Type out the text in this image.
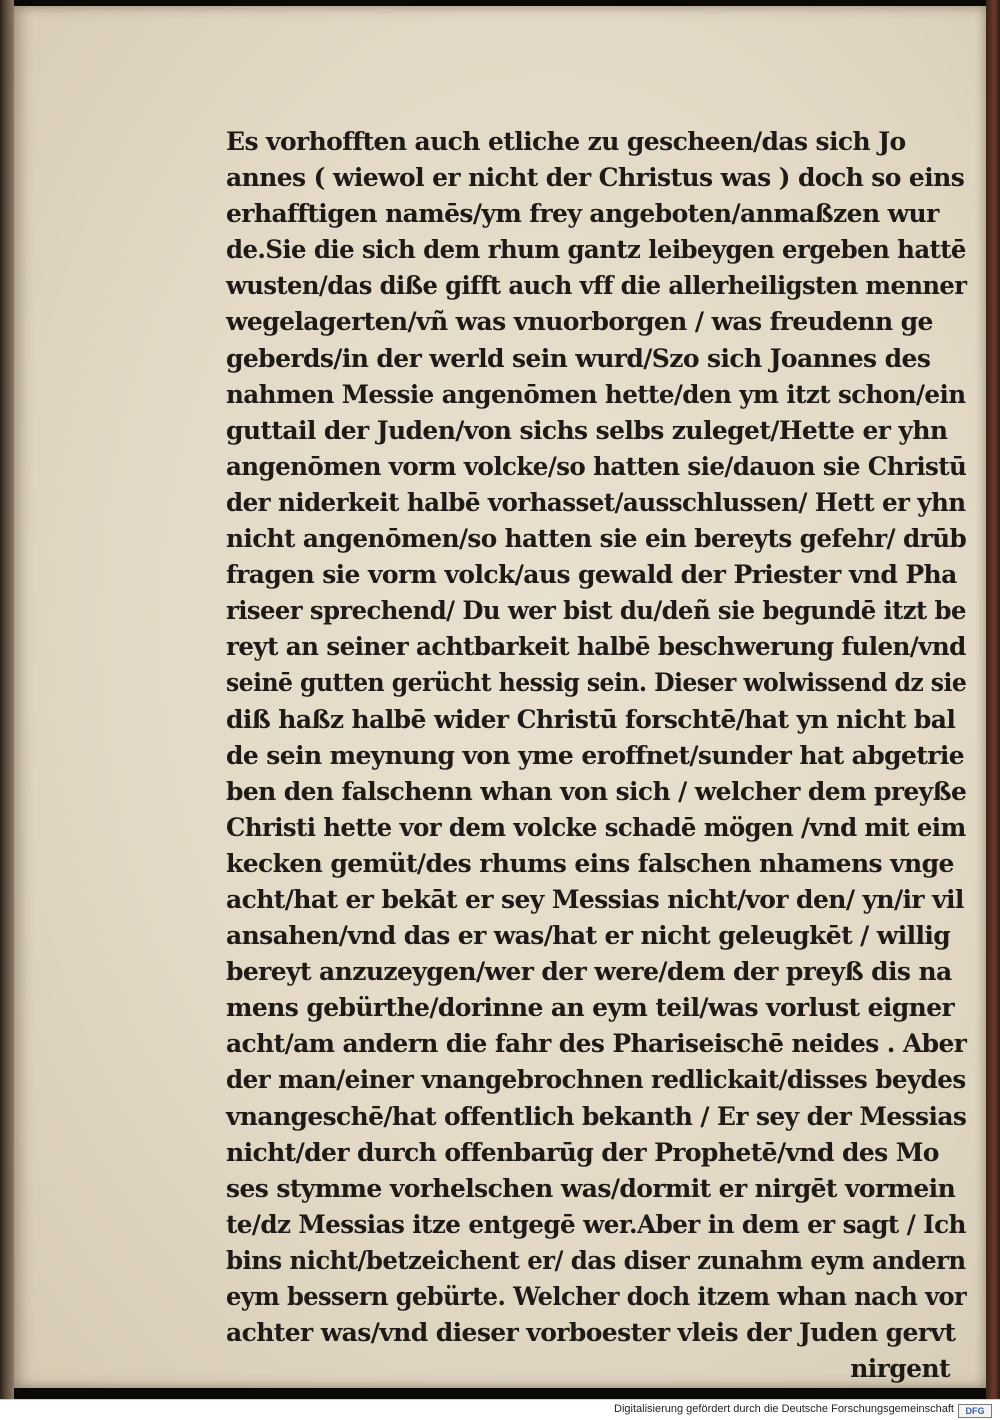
Es vorhofften auch etliche zu gescheen/das sich Jo
annes ( wiewol er nicht der Christus was ) doch so eins
erhafftigen namēs/ym frey angeboten/anmaßzen wur
de.Sie die sich dem rhum gantz leibeygen ergeben hattē
wusten/das diße gifft auch vff die allerheiligsten menner
wegelagerten/vñ was vnuorborgen / was freudenn ge
geberds/in der werld sein wurd/Szo sich Joannes des
nahmen Messie angenōmen hette/den ym itzt schon/ein
guttail der Juden/von sichs selbs zuleget/Hette er yhn
angenōmen vorm volcke/so hatten sie/dauon sie Christū
der niderkeit halbē vorhasset/ausschlussen/ Hett er yhn
nicht angenōmen/so hatten sie ein bereyts gefehr/ drūb
fragen sie vorm volck/aus gewald der Priester vnd Pha
riseer sprechend/ Du wer bist du/deñ sie begundē itzt be
reyt an seiner achtbarkeit halbē beschwerung fulen/vnd
seinē gutten gerücht hessig sein. Dieser wolwissend dz sie
diß haßz halbē wider Christū forschtē/hat yn nicht bal
de sein meynung von yme eroffnet/sunder hat abgetrie
ben den falschenn whan von sich / welcher dem preyße
Christi hette vor dem volcke schadē mögen /vnd mit eim
kecken gemüt/des rhums eins falschen nhamens vnge
acht/hat er bekāt er sey Messias nicht/vor den/ yn/ir vil
ansahen/vnd das er was/hat er nicht geleugkēt / willig
bereyt anzuzeygen/wer der were/dem der preyß dis na
mens gebürthe/dorinne an eym teil/was vorlust eigner
acht/am andern die fahr des Phariseischē neides . Aber
der man/einer vnangebrochnen redlickait/disses beydes
vnangeschē/hat offentlich bekanth / Er sey der Messias
nicht/der durch offenbarūg der Prophetē/vnd des Mo
ses stymme vorhelschen was/dormit er nirgēt vormein
te/dz Messias itze entgegē wer.Aber in dem er sagt / Ich
bins nicht/betzeichent er/ das diser zunahm eym andern
eym bessern gebürte. Welcher doch itzem whan nach vor
achter was/vnd dieser vorboester vleis der Juden gervt
nirgent
Digitalisierung gefördert durch die Deutsche Forschungsgemeinschaft	DFG
